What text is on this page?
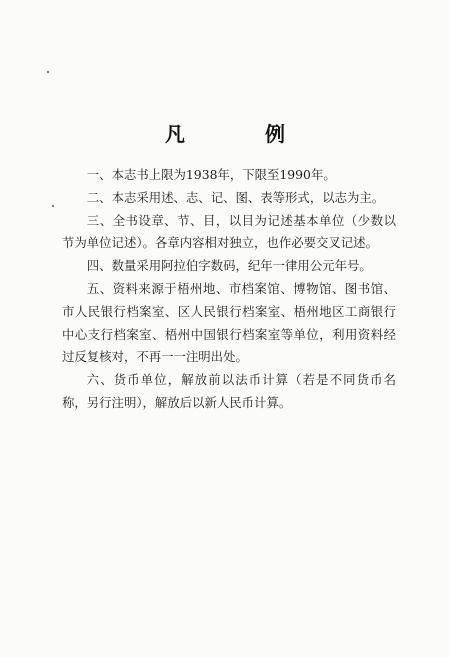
凡　例

一、本志书上限为1938年，下限至1990年。

二、本志采用述、志、记、图、表等形式，以志为主。

三、全书设章、节、目，以目为记述基本单位（少数以节为单位记述）。各章内容相对独立，也作必要交叉记述。

四、数量采用阿拉伯字数码，纪年一律用公元年号。

五、资料来源于梧州地、市档案馆、博物馆、图书馆、市人民银行档案室、区人民银行档案室、梧州地区工商银行中心支行档案室、梧州中国银行档案室等单位，利用资料经过反复核对，不再一一注明出处。

六、货币单位，解放前以法币计算（若是不同货币名称，另行注明），解放后以新人民币计算。
